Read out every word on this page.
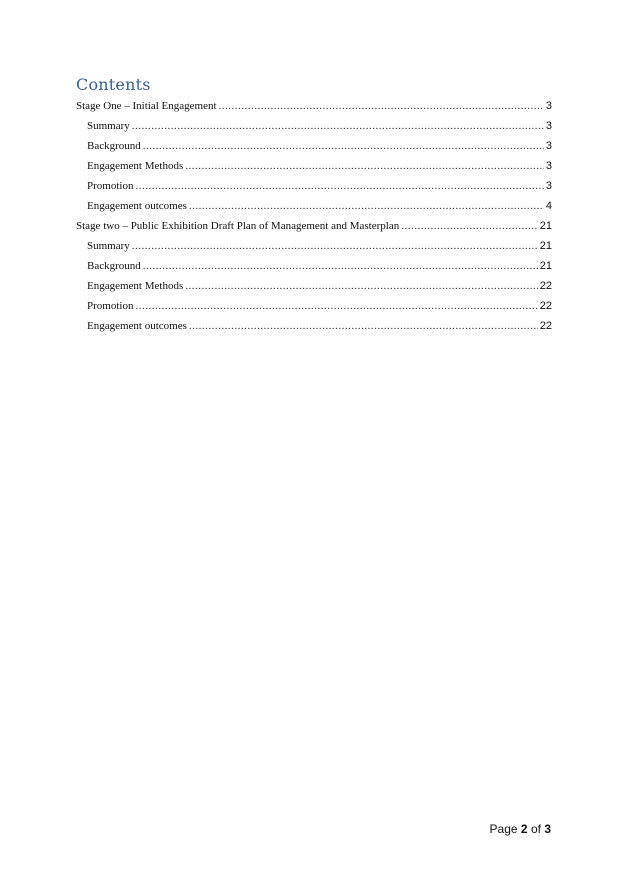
Contents
Stage One – Initial Engagement .....	3
Summary .....	3
Background .....	3
Engagement Methods .....	3
Promotion .....	3
Engagement outcomes .....	4
Stage two – Public Exhibition Draft Plan of Management and Masterplan .....	21
Summary .....	21
Background .....	21
Engagement Methods .....	22
Promotion .....	22
Engagement outcomes .....	22
Page 2 of 3
